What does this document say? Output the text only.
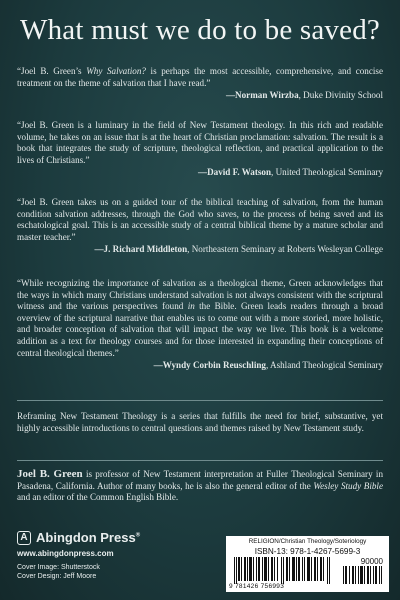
What must we do to be saved?

“Joel B. Green’s Why Salvation? is perhaps the most accessible, comprehensive, and concise treatment on the theme of salvation that I have read.”

—Norman Wirzba, Duke Divinity School

“Joel B. Green is a luminary in the field of New Testament theology. In this rich and readable volume, he takes on an issue that is at the heart of Christian proclamation: salvation. The result is a book that integrates the study of scripture, theological reflection, and practical application to the lives of Christians.”

—David F. Watson, United Theological Seminary

“Joel B. Green takes us on a guided tour of the biblical teaching of salvation, from the human condition salvation addresses, through the God who saves, to the process of being saved and its eschatological goal. This is an accessible study of a central biblical theme by a mature scholar and master teacher.”

—J. Richard Middleton, Northeastern Seminary at Roberts Wesleyan College

“While recognizing the importance of salvation as a theological theme, Green acknowledges that the ways in which many Christians understand salvation is not always consistent with the scriptural witness and the various perspectives found in the Bible. Green leads readers through a broad overview of the scriptural narrative that enables us to come out with a more storied, more holistic, and broader conception of salvation that will impact the way we live. This book is a welcome addition as a text for theology courses and for those interested in expanding their conceptions of central theological themes.”

—Wyndy Corbin Reuschling, Ashland Theological Seminary
Reframing New Testament Theology is a series that fulfills the need for brief, substantive, yet highly accessible introductions to central questions and themes raised by New Testament study.
Joel B. Green is professor of New Testament interpretation at Fuller Theological Seminary in Pasadena, California. Author of many books, he is also the general editor of the Wesley Study Bible and an editor of the Common English Bible.
A Abingdon Press®
www.abingdonpress.com
Cover Image: Shutterstock
Cover Design: Jeff Moore
RELIGION/Christian Theology/Soteriology
ISBN-13: 978-1-4267-5699-3
90000
9 781426 756993
